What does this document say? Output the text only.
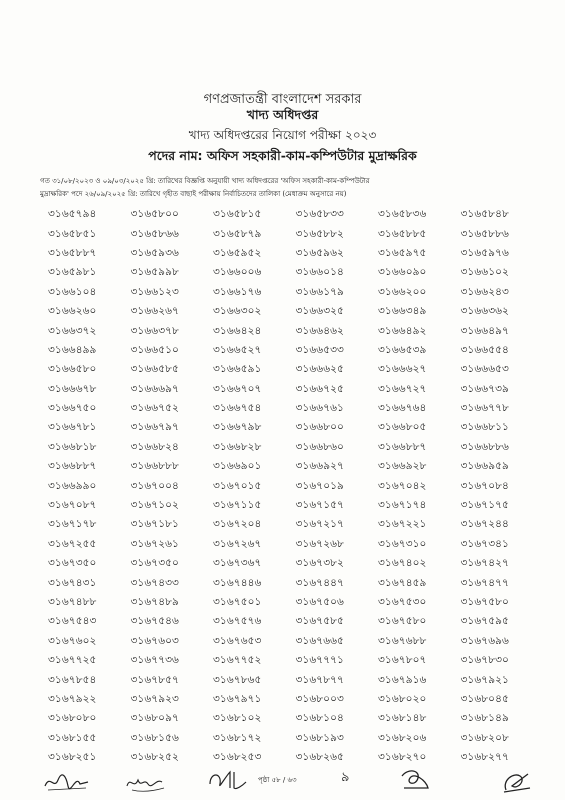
গণপ্রজাতন্ত্রী বাংলাদেশ সরকার
খাদ্য অধিদপ্তর
খাদ্য অধিদপ্তরের নিয়োগ পরীক্ষা ২০২৩
পদের নাম: অফিস সহকারী-কাম-কম্পিউটার মুদ্রাক্ষরিক
গত ৩১/০৮/২০২৩ ও ০৯/০৩/২০২৫ খ্রি: তারিখের বিজ্ঞপ্তি অনুযায়ী খাদ্য অধিদপ্তরের 'অফিস সহকারী-কাম-কম্পিউটার
মুদ্রাক্ষরিক' পদে ২৬/০৯/২০২৫ খ্রি: তারিখে গৃহীত বাছাই পরীক্ষায় নির্বাচিতদের তালিকা (মেধাক্রম অনুসারে নয়)
৩১৬৫৭৯৪	৩১৬৫৮০০	৩১৬৫৮১৫	৩১৬৫৮৩৩	৩১৬৫৮৩৬	৩১৬৫৮৪৮
৩১৬৫৮৫১	৩১৬৫৮৬৬	৩১৬৫৮৭৯	৩১৬৫৮৮২	৩১৬৫৮৮৫	৩১৬৫৮৮৬
৩১৬৫৮৮৭	৩১৬৫৯৩৬	৩১৬৫৯৫২	৩১৬৫৯৬২	৩১৬৫৯৭৫	৩১৬৫৯৭৬
৩১৬৫৯৮১	৩১৬৫৯৯৮	৩১৬৬০০৬	৩১৬৬০১৪	৩১৬৬০৯০	৩১৬৬১০২
৩১৬৬১০৪	৩১৬৬১২৩	৩১৬৬১৭৬	৩১৬৬১৭৯	৩১৬৬২০০	৩১৬৬২৪৩
৩১৬৬২৬০	৩১৬৬২৬৭	৩১৬৬৩০২	৩১৬৬৩২৫	৩১৬৬৩৪৯	৩১৬৬৩৬২
৩১৬৬৩৭২	৩১৬৬৩৭৮	৩১৬৬৪২৪	৩১৬৬৪৬২	৩১৬৬৪৯২	৩১৬৬৪৯৭
৩১৬৬৪৯৯	৩১৬৬৫১০	৩১৬৬৫২৭	৩১৬৬৫৩৩	৩১৬৬৫৩৯	৩১৬৬৫৫৪
৩১৬৬৫৮০	৩১৬৬৫৮৫	৩১৬৬৫৯১	৩১৬৬৬২৫	৩১৬৬৬২৭	৩১৬৬৬৫৩
৩১৬৬৬৭৮	৩১৬৬৬৯৭	৩১৬৬৭০৭	৩১৬৬৭২৫	৩১৬৬৭২৭	৩১৬৬৭৩৯
৩১৬৬৭৫০	৩১৬৬৭৫২	৩১৬৬৭৫৪	৩১৬৬৭৬১	৩১৬৬৭৬৪	৩১৬৬৭৭৮
৩১৬৬৭৮১	৩১৬৬৭৯৭	৩১৬৬৭৯৮	৩১৬৬৮০০	৩১৬৬৮০৫	৩১৬৬৮১১
৩১৬৬৮১৮	৩১৬৬৮২৪	৩১৬৬৮২৮	৩১৬৬৮৬০	৩১৬৬৮৮৭	৩১৬৬৮৮৬
৩১৬৬৮৮৭	৩১৬৬৮৮৮	৩১৬৬৯০১	৩১৬৬৯২৭	৩১৬৬৯২৮	৩১৬৬৯৫৯
৩১৬৬৯৯০	৩১৬৭০০৪	৩১৬৭০১৫	৩১৬৭০১৯	৩১৬৭০৪২	৩১৬৭০৮৪
৩১৬৭০৮৭	৩১৬৭১০২	৩১৬৭১১৫	৩১৬৭১৫৭	৩১৬৭১৭৪	৩১৬৭১৭৫
৩১৬৭১৭৮	৩১৬৭১৮১	৩১৬৭২০৪	৩১৬৭২১৭	৩১৬৭২২১	৩১৬৭২৪৪
৩১৬৭২৫৫	৩১৬৭২৬১	৩১৬৭২৬৭	৩১৬৭২৬৮	৩১৬৭৩১০	৩১৬৭৩৪১
৩১৬৭৩৫০	৩১৬৭৩৫০	৩১৬৭৩৬৭	৩১৬৭৩৮২	৩১৬৭৪০২	৩১৬৭৪২৭
৩১৬৭৪৩১	৩১৬৭৪৩৩	৩১৬৭৪৪৬	৩১৬৭৪৪৭	৩১৬৭৪৫৯	৩১৬৭৪৭৭
৩১৬৭৪৮৮	৩১৬৭৪৮৯	৩১৬৭৫০১	৩১৬৭৫০৬	৩১৬৭৫৩০	৩১৬৭৫৮০
৩১৬৭৫৪৩	৩১৬৭৫৪৬	৩১৬৭৫৭৬	৩১৬৭৫৮৫	৩১৬৭৫৮০	৩১৬৭৫৯৫
৩১৬৭৬০২	৩১৬৭৬০৩	৩১৬৭৬৫৩	৩১৬৭৬৬৫	৩১৬৭৬৮৮	৩১৬৭৬৯৬
৩১৬৭৭২৫	৩১৬৭৭৩৬	৩১৬৭৭৫২	৩১৬৭৭৭১	৩১৬৭৮০৭	৩১৬৭৮৩০
৩১৬৭৮৫৪	৩১৬৭৮৫৭	৩১৬৭৮৬৫	৩১৬৭৮৭৭	৩১৬৭৯১৬	৩১৬৭৯২১
৩১৬৭৯২২	৩১৬৭৯২৩	৩১৬৭৯৭১	৩১৬৮০০৩	৩১৬৮০২০	৩১৬৮০৪৫
৩১৬৮০৮০	৩১৬৮০৯৭	৩১৬৮১০২	৩১৬৮১০৪	৩১৬৮১৪৮	৩১৬৮১৪৯
৩১৬৮১৫৫	৩১৬৮১৫৬	৩১৬৮১৭২	৩১৬৮১৯৩	৩১৬৮২০৬	৩১৬৮২০৮
৩১৬৮২৫১	৩১৬৮২৫২	৩১৬৮২৫৩	৩১৬৮২৬৫	৩১৬৮২৭০	৩১৬৮২৭৭
পৃষ্ঠা ৫৮ / ৬৩	৯
